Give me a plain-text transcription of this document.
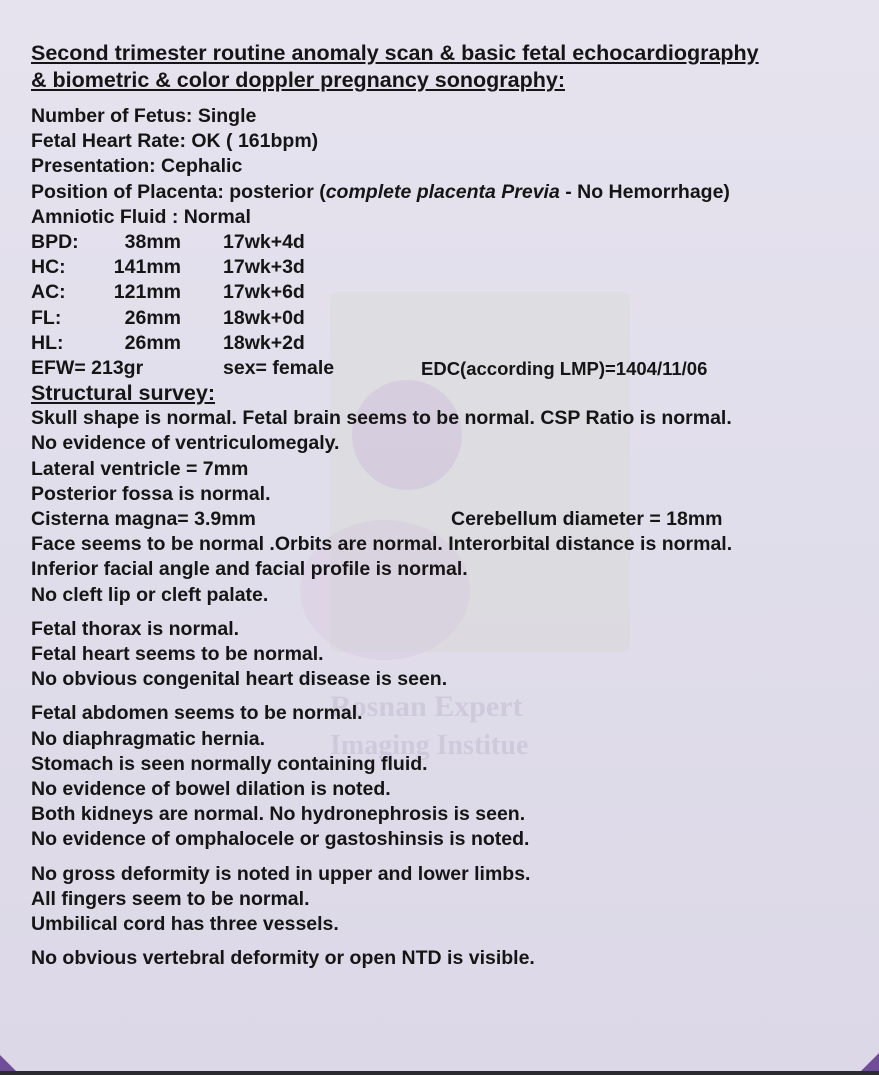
Rosnan Expert
Imaging Institue
Second trimester routine anomaly scan & basic fetal echocardiography
& biometric & color doppler pregnancy sonography:
Number of Fetus: Single
Fetal Heart Rate: OK ( 161bpm)
Presentation: Cephalic
Position of Placenta: posterior (complete placenta Previa - No Hemorrhage)
Amniotic Fluid : Normal
BPD:	38mm 17wk+4d
HC:	141mm 17wk+3d
AC:	121mm 17wk+6d
FL:	26mm 18wk+0d
HL:	26mm 18wk+2d
EFW= 213gr	sex= female	EDC(according LMP)=1404/11/06
Structural survey:
Skull shape is normal. Fetal brain seems to be normal. CSP Ratio is normal.
No evidence of ventriculomegaly.
Lateral ventricle = 7mm
Posterior fossa is normal.
Cisterna magna= 3.9mm	Cerebellum diameter = 18mm
Face seems to be normal .Orbits are normal. Interorbital distance is normal.
Inferior facial angle and facial profile is normal.
No cleft lip or cleft palate.
Fetal thorax is normal.
Fetal heart seems to be normal.
No obvious congenital heart disease is seen.
Fetal abdomen seems to be normal.
No diaphragmatic hernia.
Stomach is seen normally containing fluid.
No evidence of bowel dilation is noted.
Both kidneys are normal. No hydronephrosis is seen.
No evidence of omphalocele or gastoshinsis is noted.
No gross deformity is noted in upper and lower limbs.
All fingers seem to be normal.
Umbilical cord has three vessels.
No obvious vertebral deformity or open NTD is visible.
